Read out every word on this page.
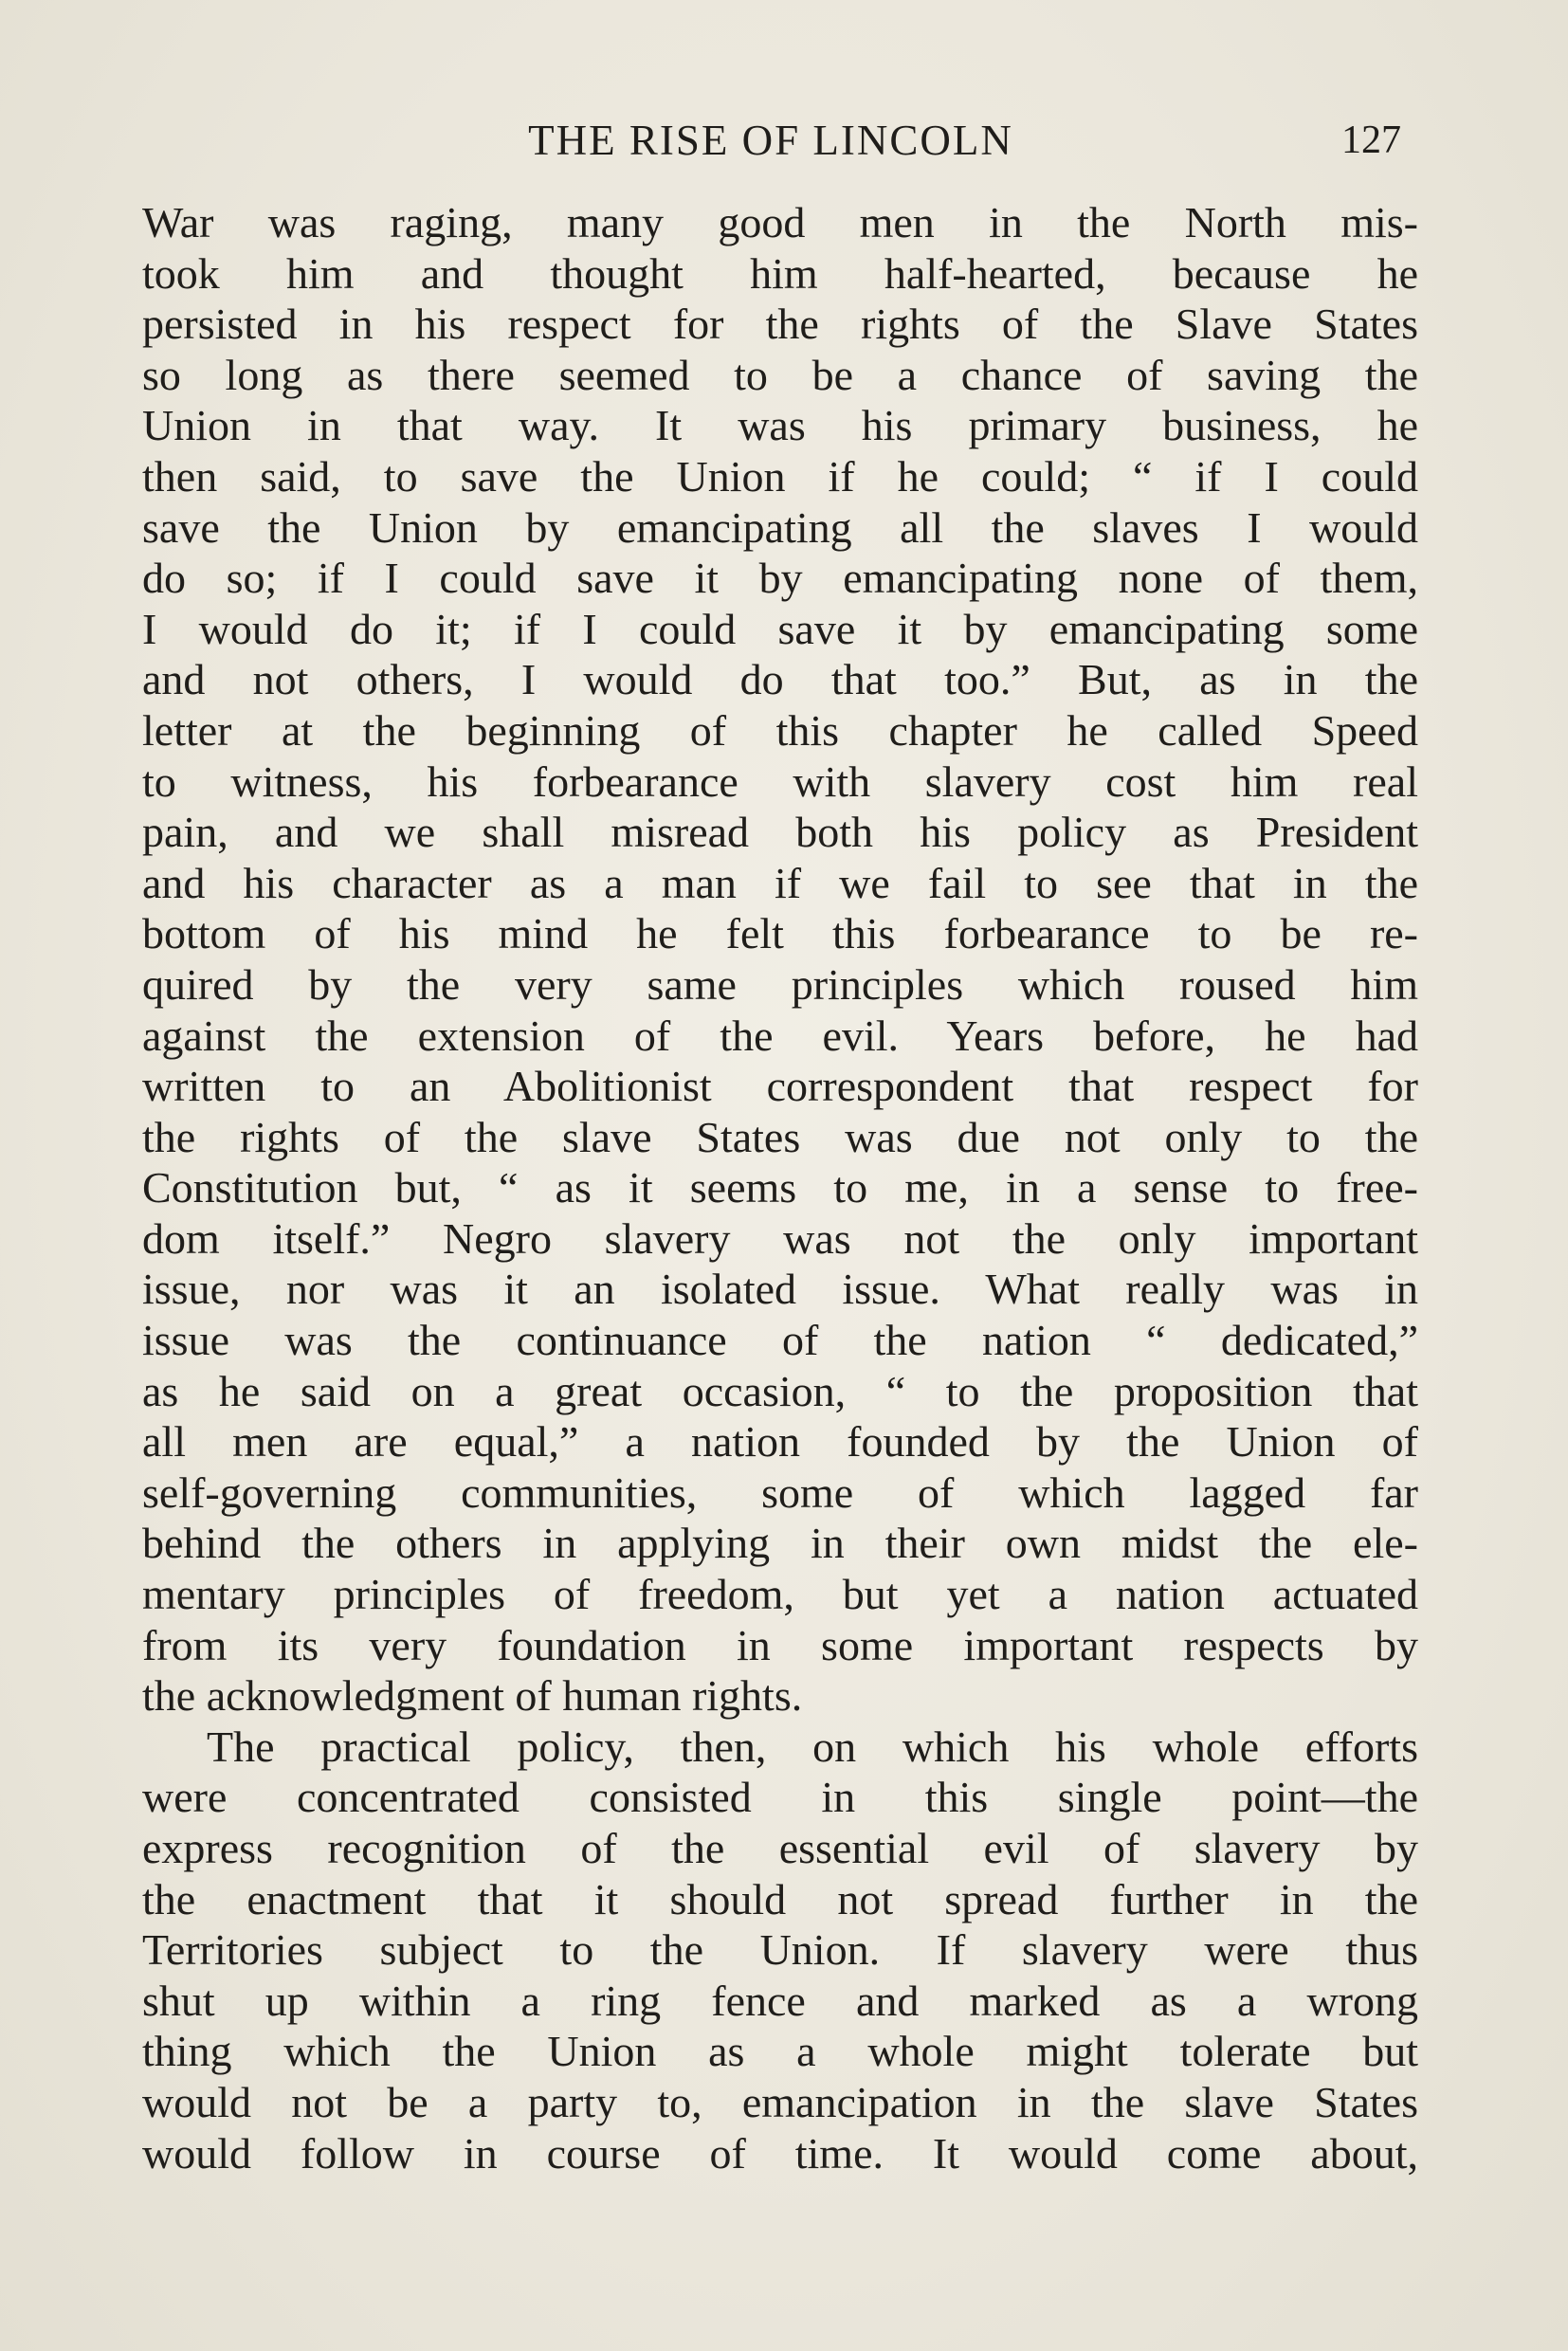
THE RISE OF LINCOLN	127
War was raging, many good men in the North mis-
took him and thought him half-hearted, because he
persisted in his respect for the rights of the Slave States
so long as there seemed to be a chance of saving the
Union in that way. It was his primary business, he
then said, to save the Union if he could; “ if I could
save the Union by emancipating all the slaves I would
do so; if I could save it by emancipating none of them,
I would do it; if I could save it by emancipating some
and not others, I would do that too.” But, as in the
letter at the beginning of this chapter he called Speed
to witness, his forbearance with slavery cost him real
pain, and we shall misread both his policy as President
and his character as a man if we fail to see that in the
bottom of his mind he felt this forbearance to be re-
quired by the very same principles which roused him
against the extension of the evil. Years before, he had
written to an Abolitionist correspondent that respect for
the rights of the slave States was due not only to the
Constitution but, “ as it seems to me, in a sense to free-
dom itself.” Negro slavery was not the only important
issue, nor was it an isolated issue. What really was in
issue was the continuance of the nation “ dedicated,”
as he said on a great occasion, “ to the proposition that
all men are equal,” a nation founded by the Union of
self-governing communities, some of which lagged far
behind the others in applying in their own midst the ele-
mentary principles of freedom, but yet a nation actuated
from its very foundation in some important respects by
the acknowledgment of human rights.
The practical policy, then, on which his whole efforts
were concentrated consisted in this single point—the
express recognition of the essential evil of slavery by
the enactment that it should not spread further in the
Territories subject to the Union. If slavery were thus
shut up within a ring fence and marked as a wrong
thing which the Union as a whole might tolerate but
would not be a party to, emancipation in the slave States
would follow in course of time. It would come about,
